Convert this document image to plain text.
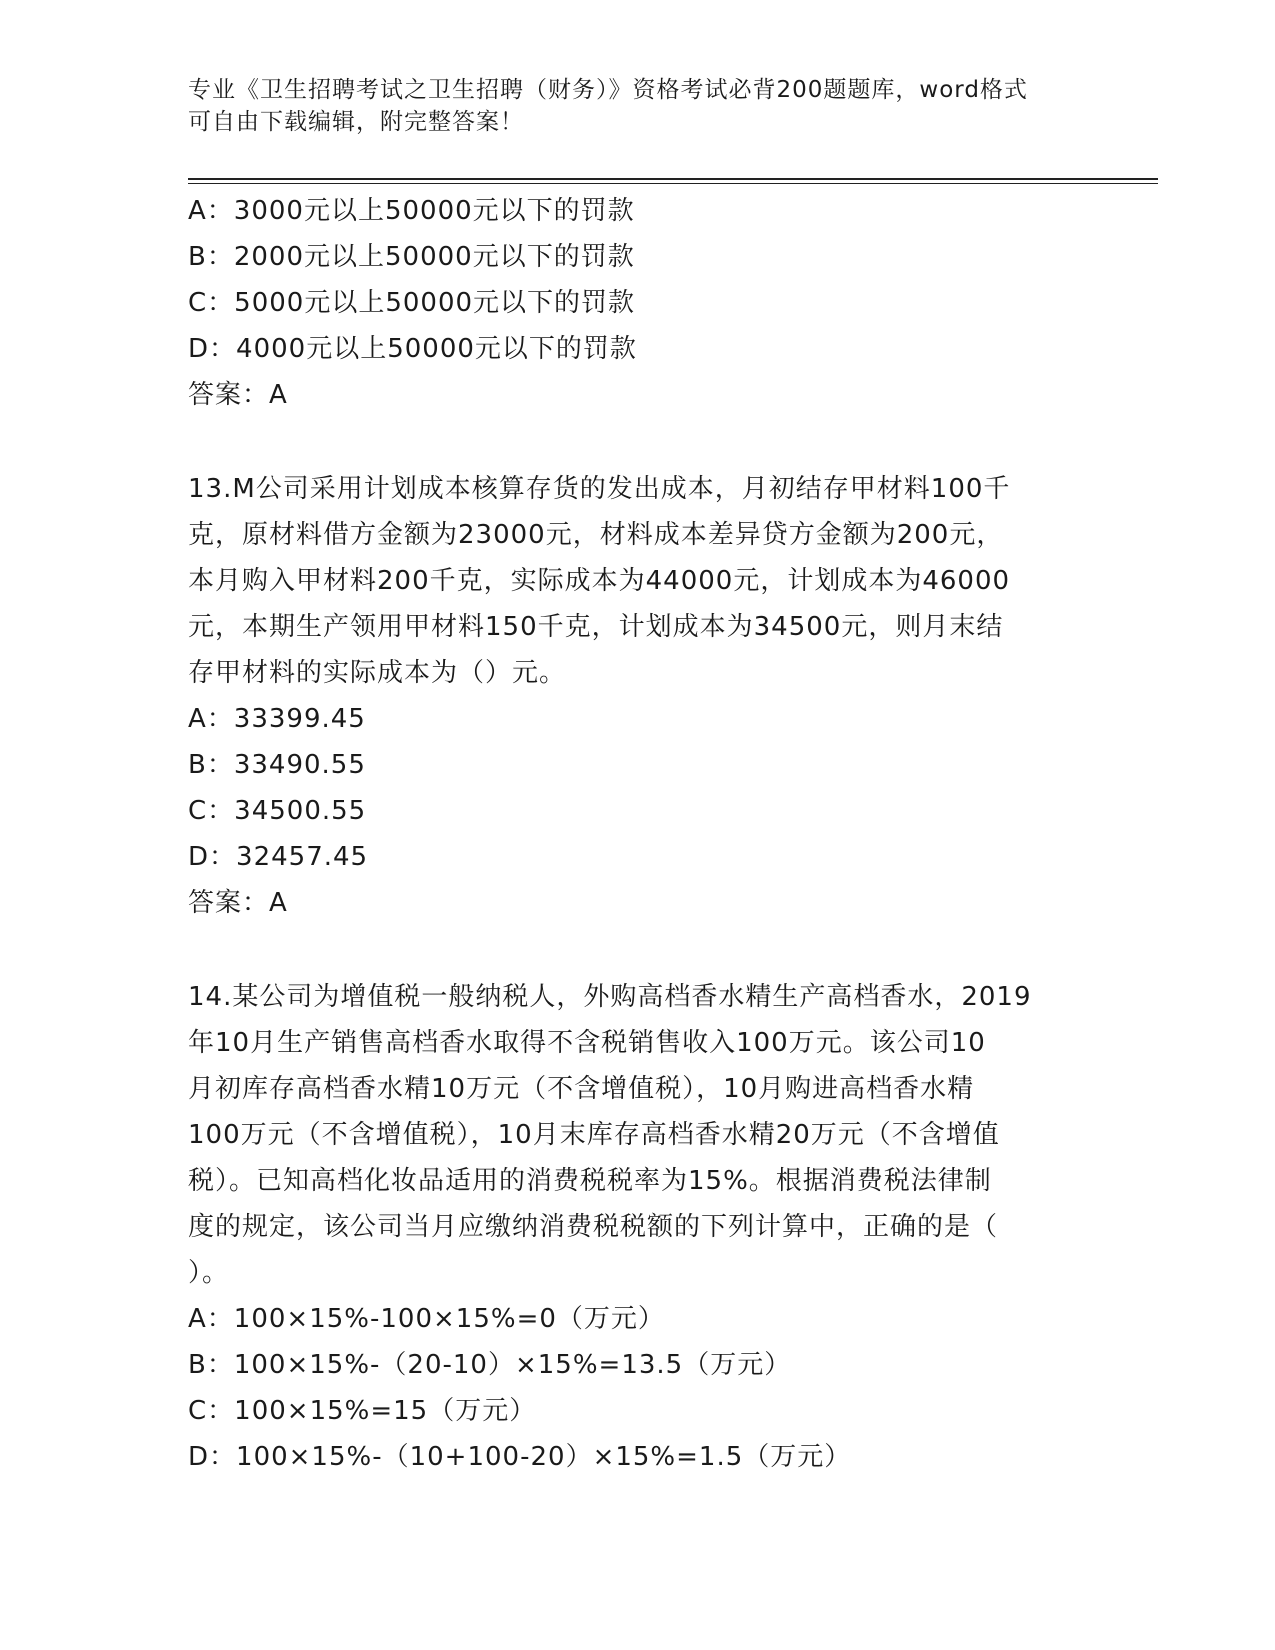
专业《卫生招聘考试之卫生招聘（财务）》资格考试必背200题题库，word格式
可自由下载编辑，附完整答案！
A：3000元以上50000元以下的罚款
B：2000元以上50000元以下的罚款
C：5000元以上50000元以下的罚款
D：4000元以上50000元以下的罚款
答案：A
13.M公司采用计划成本核算存货的发出成本，月初结存甲材料100千
克，原材料借方金额为23000元，材料成本差异贷方金额为200元，
本月购入甲材料200千克，实际成本为44000元，计划成本为46000
元，本期生产领用甲材料150千克，计划成本为34500元，则月末结
存甲材料的实际成本为（）元。
A：33399.45
B：33490.55
C：34500.55
D：32457.45
答案：A
14.某公司为增值税一般纳税人，外购高档香水精生产高档香水，2019
年10月生产销售高档香水取得不含税销售收入100万元。该公司10
月初库存高档香水精10万元（不含增值税），10月购进高档香水精
100万元（不含增值税），10月末库存高档香水精20万元（不含增值
税）。已知高档化妆品适用的消费税税率为15%。根据消费税法律制
度的规定，该公司当月应缴纳消费税税额的下列计算中，正确的是（
）。
A：100×15%-100×15%=0（万元）
B：100×15%-（20-10）×15%=13.5（万元）
C：100×15%=15（万元）
D：100×15%-（10+100-20）×15%=1.5（万元）
